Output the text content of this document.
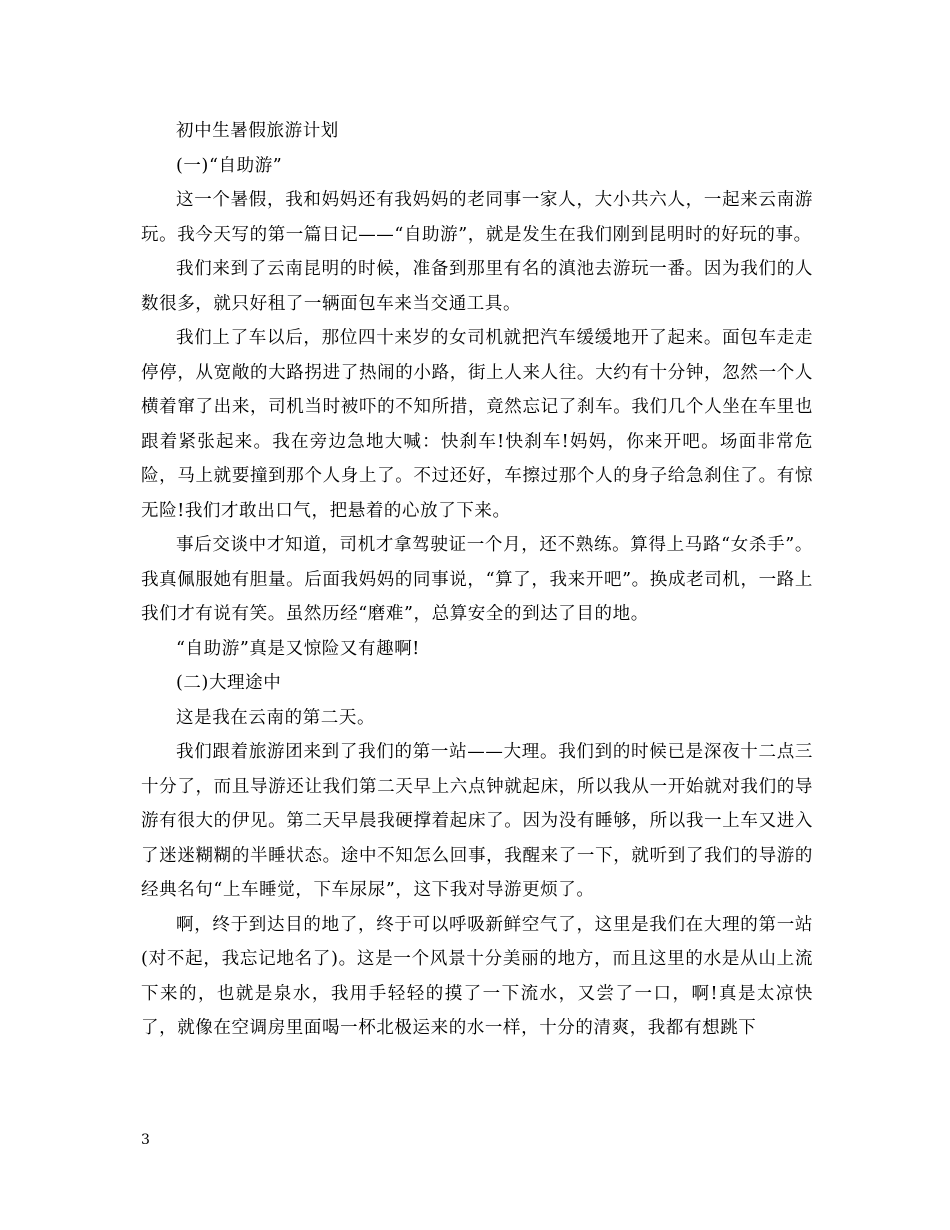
初中生暑假旅游计划

(一)“自助游”

这一个暑假，我和妈妈还有我妈妈的老同事一家人，大小共六人，一起来云南游玩。我今天写的第一篇日记——“自助游”，就是发生在我们刚到昆明时的好玩的事。

我们来到了云南昆明的时候，准备到那里有名的滇池去游玩一番。因为我们的人数很多，就只好租了一辆面包车来当交通工具。

我们上了车以后，那位四十来岁的女司机就把汽车缓缓地开了起来。面包车走走停停，从宽敞的大路拐进了热闹的小路，街上人来人往。大约有十分钟，忽然一个人横着窜了出来，司机当时被吓的不知所措，竟然忘记了刹车。我们几个人坐在车里也跟着紧张起来。我在旁边急地大喊：快刹车!快刹车!妈妈，你来开吧。场面非常危险，马上就要撞到那个人身上了。不过还好，车擦过那个人的身子给急刹住了。有惊无险!我们才敢出口气，把悬着的心放了下来。

事后交谈中才知道，司机才拿驾驶证一个月，还不熟练。算得上马路“女杀手”。我真佩服她有胆量。后面我妈妈的同事说，“算了，我来开吧”。换成老司机，一路上我们才有说有笑。虽然历经“磨难”，总算安全的到达了目的地。

“自助游”真是又惊险又有趣啊!

(二)大理途中

这是我在云南的第二天。

我们跟着旅游团来到了我们的第一站——大理。我们到的时候已是深夜十二点三十分了，而且导游还让我们第二天早上六点钟就起床，所以我从一开始就对我们的导游有很大的伊见。第二天早晨我硬撑着起床了。因为没有睡够，所以我一上车又进入了迷迷糊糊的半睡状态。途中不知怎么回事，我醒来了一下，就听到了我们的导游的经典名句“上车睡觉，下车尿尿”，这下我对导游更烦了。

啊，终于到达目的地了，终于可以呼吸新鲜空气了，这里是我们在大理的第一站(对不起，我忘记地名了)。这是一个风景十分美丽的地方，而且这里的水是从山上流下来的，也就是泉水，我用手轻轻的摸了一下流水，又尝了一口，啊!真是太凉快了，就像在空调房里面喝一杯北极运来的水一样，十分的清爽，我都有想跳下

3
